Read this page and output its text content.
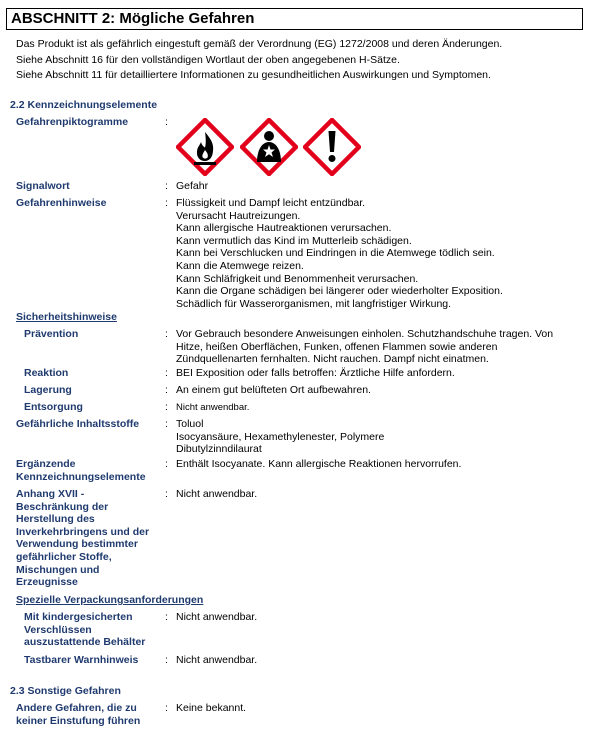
ABSCHNITT 2: Mögliche Gefahren
Das Produkt ist als gefährlich eingestuft gemäß der Verordnung (EG) 1272/2008 und deren Änderungen.
Siehe Abschnitt 16 für den vollständigen Wortlaut der oben angegebenen H-Sätze.
Siehe Abschnitt 11 für detailliertere Informationen zu gesundheitlichen Auswirkungen und Symptomen.
2.2 Kennzeichnungselemente
Gefahrenpiktogramme	:
Signalwort	: Gefahr
Gefahrenhinweise	: Flüssigkeit und Dampf leicht entzündbar.
Verursacht Hautreizungen.
Kann allergische Hautreaktionen verursachen.
Kann vermutlich das Kind im Mutterleib schädigen.
Kann bei Verschlucken und Eindringen in die Atemwege tödlich sein.
Kann die Atemwege reizen.
Kann Schläfrigkeit und Benommenheit verursachen.
Kann die Organe schädigen bei längerer oder wiederholter Exposition.
Schädlich für Wasserorganismen, mit langfristiger Wirkung.
Sicherheitshinweise
Prävention	: Vor Gebrauch besondere Anweisungen einholen. Schutzhandschuhe tragen. Von Hitze, heißen Oberflächen, Funken, offenen Flammen sowie anderen Zündquellenarten fernhalten. Nicht rauchen. Dampf nicht einatmen.
Reaktion	: BEI Exposition oder falls betroffen: Ärztliche Hilfe anfordern.
Lagerung	: An einem gut belüfteten Ort aufbewahren.
Entsorgung	: Nicht anwendbar.
Gefährliche Inhaltsstoffe : Toluol
Isocyansäure, Hexamethylenester, Polymere
Dibutylzinndilaurat
Ergänzende
Kennzeichnungselemente
: Enthält Isocyanate. Kann allergische Reaktionen hervorrufen.
Anhang XVII -
Beschränkung der
Herstellung des
Inverkehrbringens und der
Verwendung bestimmter
gefährlicher Stoffe,
Mischungen und
Erzeugnisse
: Nicht anwendbar.
Spezielle Verpackungsanforderungen
Mit kindergesicherten
Verschlüssen
auszustattende Behälter
: Nicht anwendbar.
Tastbarer Warnhinweis	: Nicht anwendbar.
2.3 Sonstige Gefahren
Andere Gefahren, die zu
keiner Einstufung führen
: Keine bekannt.
